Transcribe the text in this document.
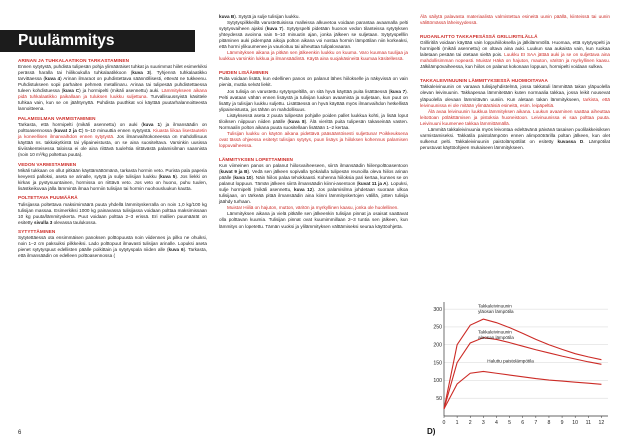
Puulämmitys
ARINAN JA TUHKALAATIKON TARKASTAMINEN

Ennen sytytystä, puhdista tulipesän pohja ylimääräiset tuhkat ja suurimmat hiilet esimerkiksi perässä haralla tai hiilikoukulla tuhkalaatikkoon (kuva 3). Tyhjennä tuhkalaatikko tarvittaessa (kuva 4) Arinan ilmaraot on puhdistettava säännöllisesti, ettevät ne tukkeenu. Puhdistukseen sopii parhaiten pehmeä metallinaru. Arinaa tai tulipesää puhdistettaessa tuleen kohdistuessa (kuva C) ja hormipelti (mikäli asennettu) auki. Lämmitykseen aikana pidä tuhkalaatikko paikallaan ja tuluksen luukku suljettuna. Turvallisuussyistä käsittele tuhkaa vain, kun se on jäähtynyttä. Puhdista puuthkat voi käyttää puutarhalannoitteesta lannoitteena.

PALAMISILMAN VARMISTAMINEN

Tarkasta, että hormipelti (mikäli asennettu) on auki (kuva 1) ja ilmansäädin on polttoasennossa (kuvat 2 ja C) 5–10 minuuttia ennen sytytystä. Kiuasta liikaa lisestautetin ja koneellisen ilmanvaihdon ennen sytytystä. Jos ilmanvaihtokoneessa on mahdollisuus käyttää ns. takkakytkintä tai ylipaineistusta, on se aina suositeltava. Varsinkin uusissa tiiviirakenteisessa taloissa ei ole aina riittävä tuulehtia riittävästä palamisilman saannista (noin 10 m³/kg poltettua puuta).

VEDON VARMISTAMINEN

Mikäli tukkaan on ollut pitkään käyttämättömänä, tarkasta hormin veto. Purista pala paperia kevyesti palloksi, aseta se arinalle, sytytä ja sulje tulisijan luukku (kuva 5). Jos liekki on kirkas ja pystysuuntainen, hormissa on riittävä veto. Jos veto on huono, puhu tuulen, lisästkeikuvaa jälla lämmintä ilmaa hormiin tulisijan tai hormin nuohousluukun kautta.

POLTETTAVA PUUMÄÄRÄ

Tulisijassa poltettava maksimimäärä puuta yhdellä lämmityskerralla on noin 1,0 kg/100 kg tulisijan massaa. Esimerkiksi 1000 kg painavassa tulisijassa voidaan polttaa maksimissaan 10 kg puuta/lämmityskerta. Puut voidaan polttaa 2–3 erissä. Eri mallien puumäärät on esitetty sivulla 3 olevassa taulukossa.

SYTYTTÄMINEN

Sytytettäessä ota ensimmäisen panoksen polttopuusta noin viidennes ja pilko ne ohuiksi, noin 1–2 cm paksuiksi pilkkeiksi. Lado polttopuut ilmavasti tulisijan arinalle. Lopuksi aseta pienet sytytyspuut edellisten päälle poikittain ja sytytyspala niiden alle (kuva 6). Tarkasta, että ilmansäädin on edelleen polttoasennossa (

kuva B). Sytytä ja sulje tulisijan luukku.

Sytytyspilkkeillä varustettuisissa malleissa alkuvetoa voidaan parantaa avaamalla pelti sytytysvaiheen ajaksi (kuva 7). Sytytyspelti pidetään huonon vedon tilanteissa sytytyksen yhteydessä avoinna vain 5–10 minuutin ajan, jonka jälkeen se suljetaan. Sytytyspelllin pitäminen auki pidempää aikoja polton aikana voi nostaa hormin lämpötilan niin korkeaksi, että hormi ylikuumenee ja vaurioituu tai aiheuttaa tulipalovaaran.

Lämmityksen aikana ja pitkän sen jälkeenkin luukku on kuuma. Varo kuumaa tuulijaa ja luukkua varsinkin lukkua ja ilmansäädintä. Käytä aina suojakäsineitä kuumaa käsitellessä.

PUIDEN LISÄÄMINEN

Puita voidaan lisätä, kun edellinen panos on palanut lähes hiilokselle ja näkyvissä on vain pieniä, muttia selvät liekit.

Jos tulisija on varustettu sytytyspeltillä, on sitä hyvä käyttää puita lisättäessä (kuva 7). Pelti avataan vähän ennen lisäystä ja tulisijan luukun avaamista ja suljetaan, kun puut on lisätty ja tulisijan luukku suljettu. Lisättäessä on hyvä käyttää myös ilmanvaihdon hetkellistä ylipaineistusta, jos tähän on mahdollisuus.

Lisäyksessä aseta 2 puuta tulipesän pohjalle poiden pallet luukkua kohti, ja lisää loput tiloiksen niippuun niiden päälle (kuva 8). Älä vierittä puita tulipesän takaseinää vasten. Normaalin polton aikana puuta suositellaan lisätään 1–2 kertaa.

Tulisijan luukku on käytön aikana pidettävä pääsääntöisesti suljettuna! Poikkeuksena ovat tässä ohjeessa esitetyt tulisijan sytytys, puun lisäys ja hiiloksen kohennus palamisen loppuvaiheessa.

LÄMMITYKSEN LOPETTAMINEN

Kun viimeinen panos on palanut hiilosvaiheeseen, siirrä ilmansäädin hiilenpolttoasentoon (kuvat 9 ja B). Vedä sen jälkeen sopivalla työkalulla tulipesän reunoilla oleva hiilos arinan päälle (kuva 10). Näin hiilos palaa tehokkaasti. Kohenna hiiloksia pari kertaa, kunnes se on palanut loppuun. Tämän jälkeen siirrä ilmansäädin kiinni-asentoon (kuvat 11 ja A). Lopuksi, sulje hormipelti (mikäli asennettu, kuva 12). Jos palamisilma johdetaan suoraan ulkoa tulisijaan, on tärkeää pitää ilmansäädin aina kiinni lämmityskertojen välillä, jotten tulisija jäähdy turhaan.

Muista! Hiiliä on hajuton, mutton, väritön ja myrkyllinen kaasu, jonka ole huolellinen.

Lämmityksen aikana ja vielä pitkälle sen jälkeenkin tulisijan pinnat ja osaisat saattavat olla polttavan kuumia. Tulisijan pinnat ovat kuumimmillaan 2–3 tuntia sen jälkeen, kun lämmitys on lopetettu. Tämän vuoksi ja ylilämmityksen välttämiseksi seuraa käyttöohjetta.

Älä säilytä palavasta materiaalista valmistettua esineitä uunin päällä, kiinteissä tai uunin välittömässä läheisyydessä.

RUOANLAITTO TAKKAPESÄSSÄ GRILLIRITILÄLLÄ

Grilliritilä voidaan käyttää vain loppuhiiloksella ja jälkilämmöllä. Huomaa, että sytytyspelti ja hormipelti (mikäli asennettu) on oltava aina auki. Luukun saa aukaista vain, kun ruokaa laitetaan pesään tai otetaan sieltä pois. Luukku EI SAA jättää auki ja se on suljettava aina mahdollisimman nopeasti. Muista! Häkä on hajuton, mauton, väritön ja myrkyllinen kaasu. Jälkilämpövaiheessa, kun hiilos on palanut kokonaan loppuun, hormipelti voidaan sulkea.

TAKKALEIVINUUNIN LÄMMITYKSESSÄ HUOMIOITAVAA

Takkaleivinuunin on varaava tulisijayhdistelmä, jossa takkatuli lämmittää takan yläpuolella olevan leivinuunin. Takkapesaa lämmitetään kuten normaalia takkaa, jossa leikit nousevat yläpuolella olevaan lämmitävän uuniin. Kun aletaan takan lämmitykseen, tarkista, että leivinuunissa ei ole mitään ylimääräisiä esineitä, esim. leipäpeltiä.

Älä avaa leivinuunin luukkua lämmityksen aikana. Luukun avaaminen saattaa aiheuttaa leitottoan pöläkttämisen ja pistoksia huoneistoon. Leivinuunissa ei saa polttaa puuta. Leivinuuni kuumenee takkaa lämmittämällä.

Lämmitä takkaleivinuunia myös leivontaa edeltävänä päivänä tasaisen puolilakkeisiksen varmistamiseksi. Takkatila paistolämpöön ennen alimpööträrilla poltan jälkeen, kun olet sulkenut pelti. Takkaleivinuunin paistolämpötilat on esitetty kuvassa D. Lämpötilat perustuvat käyttöohjeen mukaiseen lämmitykseen.

50
100
150
200
250
300
0 1 2 3 4 5 6 7 8 9 10 11 12
Takkaleivinuunin
yläosan lämpötila
Takkaleivinuunin
alaosan lämpötila
Haluttu paistolämpötila
D)
6
